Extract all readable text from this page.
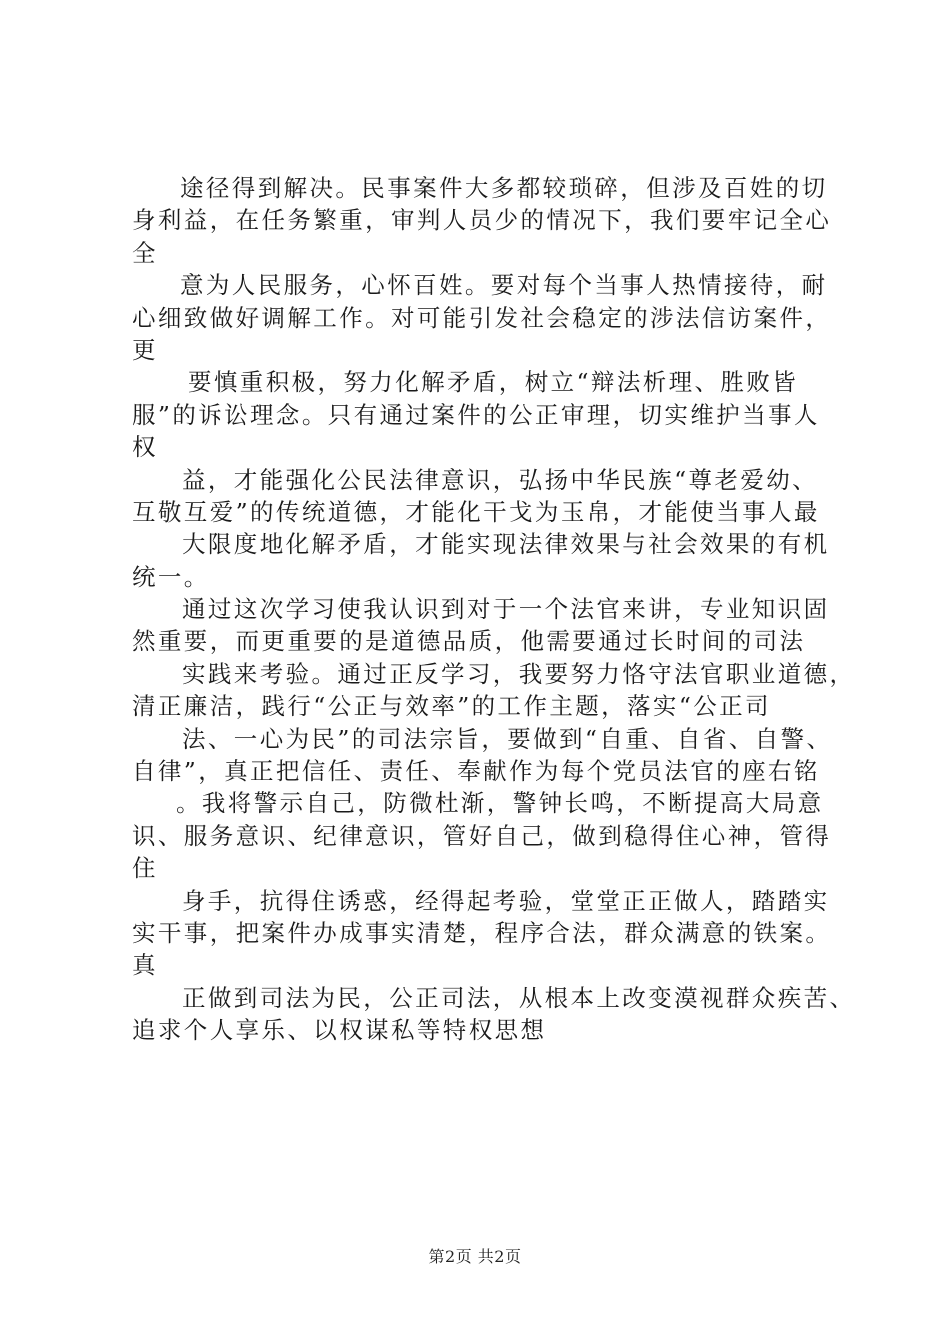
途径得到解决。民事案件大多都较琐碎，但涉及百姓的切
身利益，在任务繁重，审判人员少的情况下，我们要牢记全心
全
意为人民服务，心怀百姓。要对每个当事人热情接待，耐
心细致做好调解工作。对可能引发社会稳定的涉法信访案件，
更
要慎重积极，努力化解矛盾，树立“辩法析理、胜败皆
服”的诉讼理念。只有通过案件的公正审理，切实维护当事人
权
益，才能强化公民法律意识，弘扬中华民族“尊老爱幼、
互敬互爱”的传统道德，才能化干戈为玉帛，才能使当事人最
大限度地化解矛盾，才能实现法律效果与社会效果的有机
统一。
通过这次学习使我认识到对于一个法官来讲，专业知识固
然重要，而更重要的是道德品质，他需要通过长时间的司法
实践来考验。通过正反学习，我要努力恪守法官职业道德，
清正廉洁，践行“公正与效率”的工作主题，落实“公正司
法、一心为民”的司法宗旨，要做到“自重、自省、自警、
自律”，真正把信任、责任、奉献作为每个党员法官的座右铭
。我将警示自己，防微杜渐，警钟长鸣，不断提高大局意
识、服务意识、纪律意识，管好自己，做到稳得住心神，管得
住
身手，抗得住诱惑，经得起考验，堂堂正正做人，踏踏实
实干事，把案件办成事实清楚，程序合法，群众满意的铁案。
真
正做到司法为民，公正司法，从根本上改变漠视群众疾苦、
追求个人享乐、以权谋私等特权思想
第2页 共2页
